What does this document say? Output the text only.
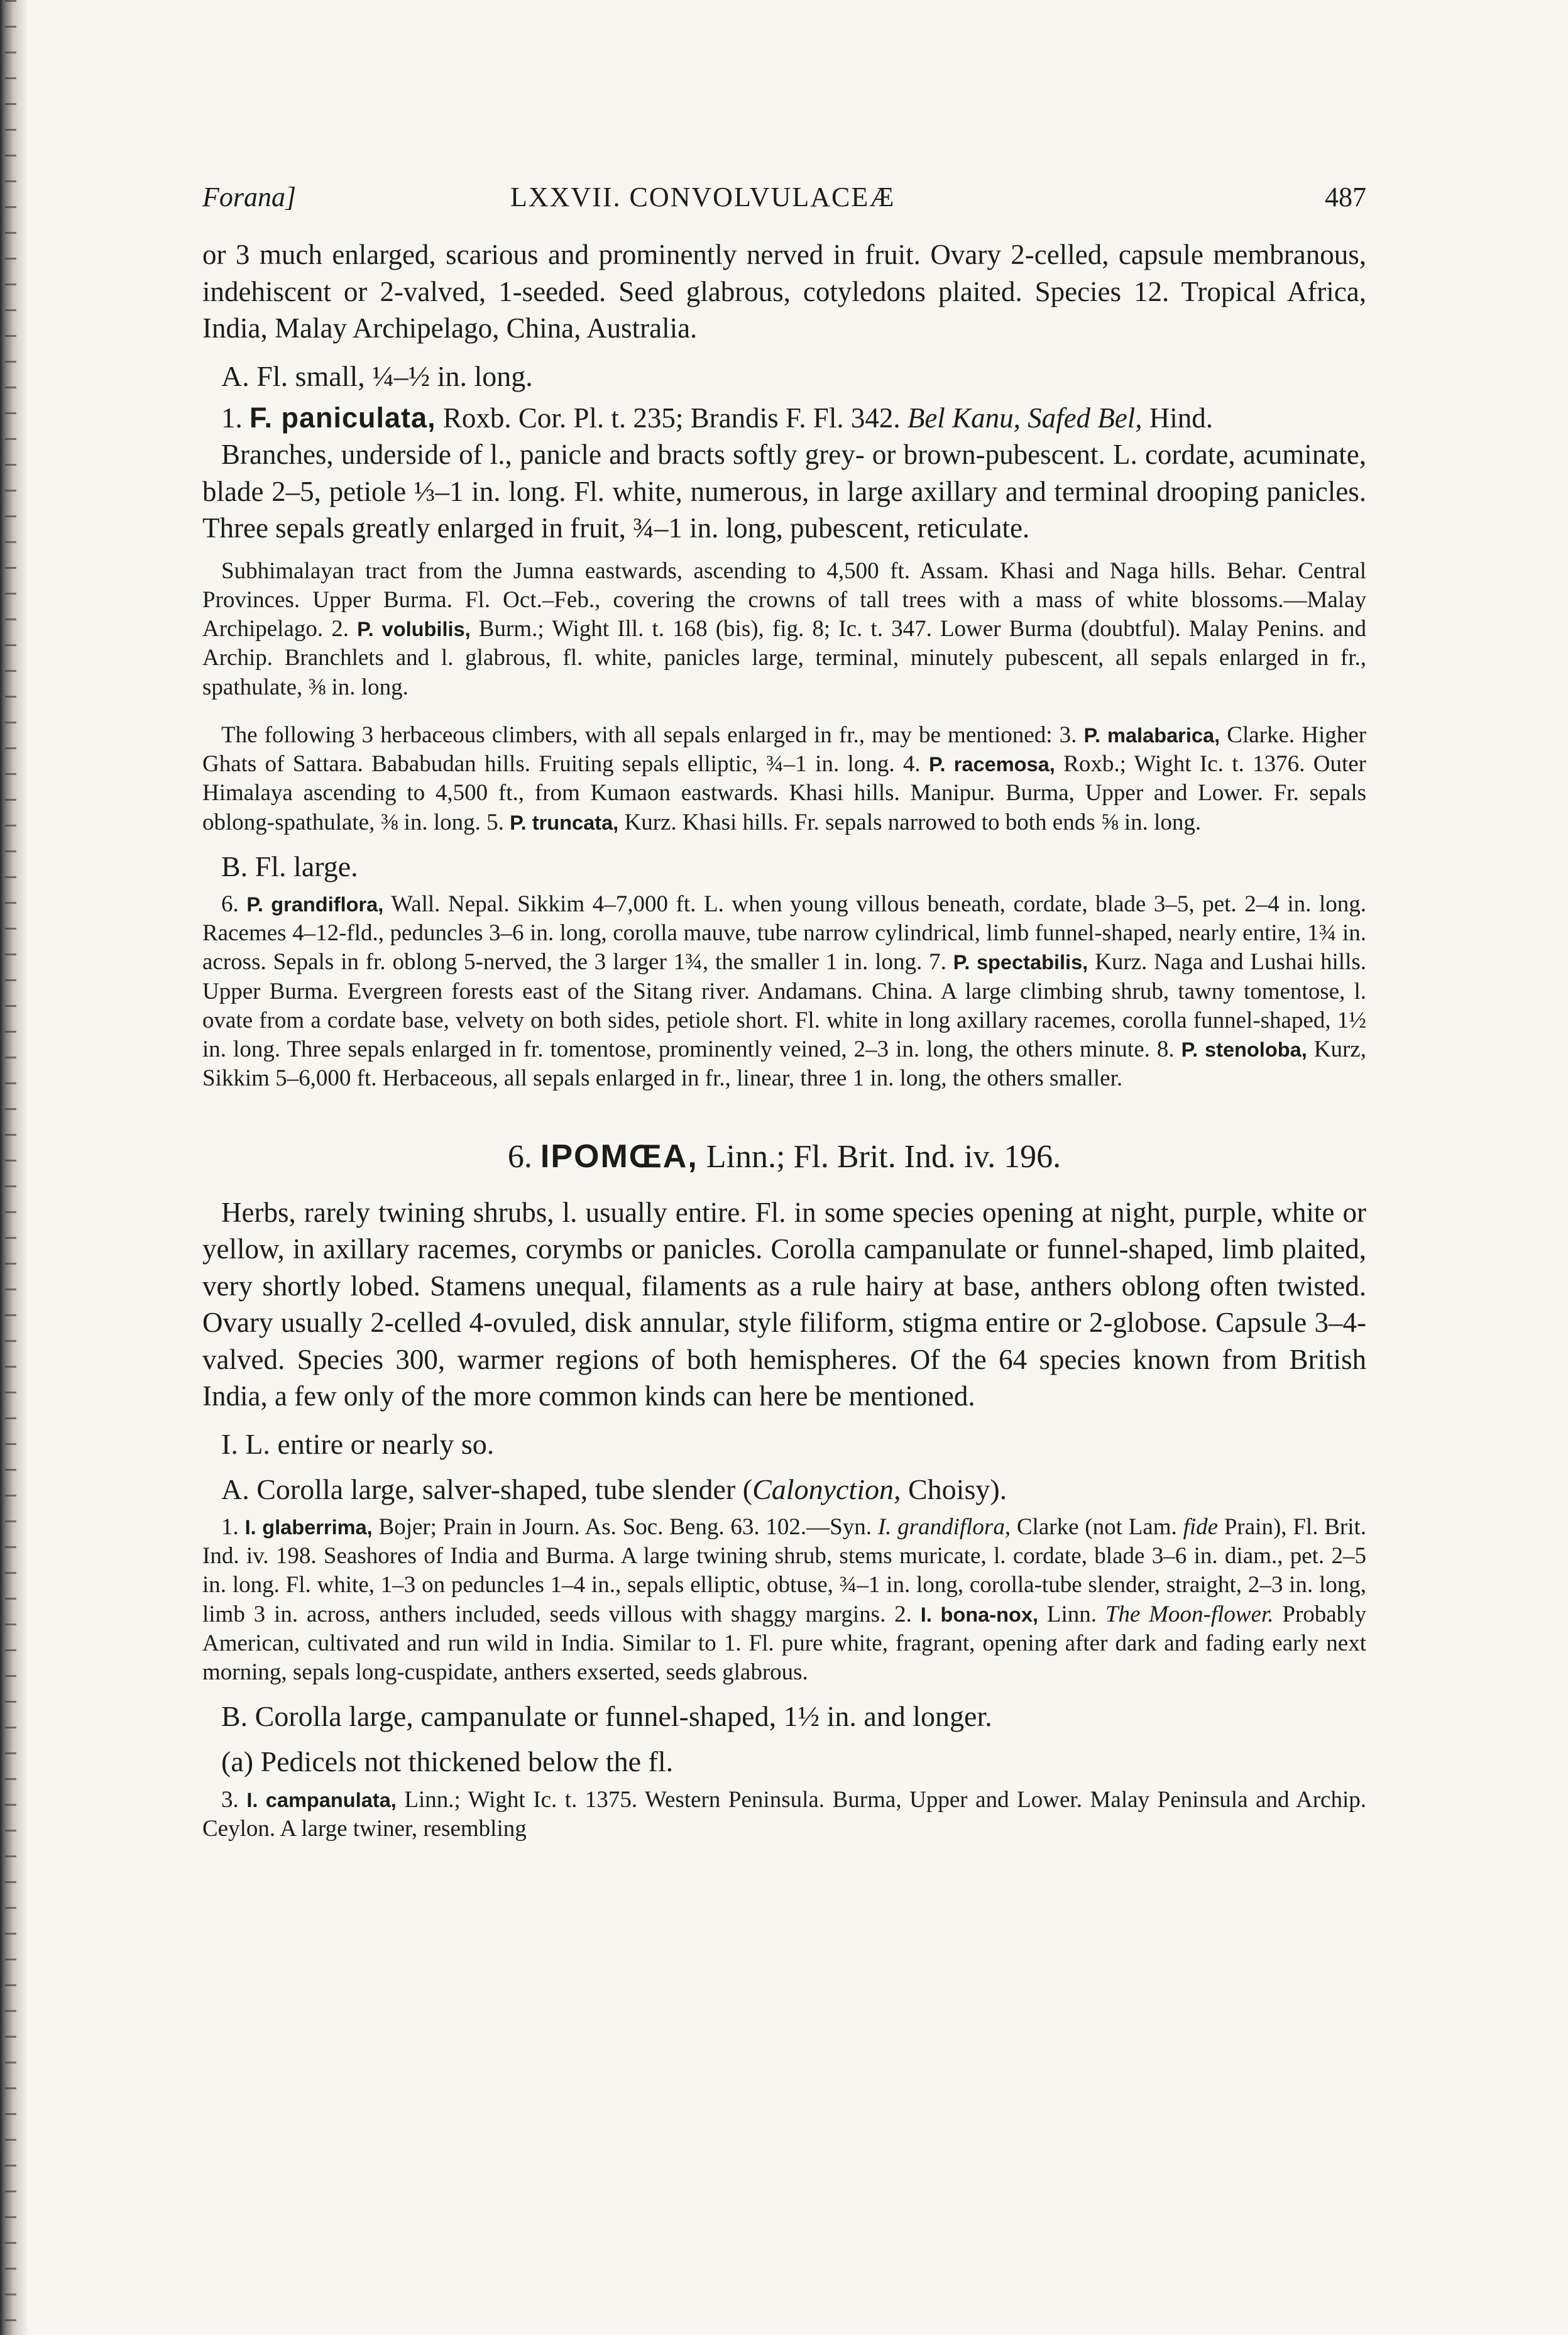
Forana]	LXXVII. CONVOLVULACEÆ	487

or 3 much enlarged, scarious and prominently nerved in fruit. Ovary 2-celled, capsule membranous, indehiscent or 2-valved, 1-seeded. Seed glabrous, cotyledons plaited. Species 12. Tropical Africa, India, Malay Archipelago, China, Australia.

A. Fl. small, ¼–½ in. long.

1. F. paniculata, Roxb. Cor. Pl. t. 235; Brandis F. Fl. 342. Bel Kanu, Safed Bel, Hind.

Branches, underside of l., panicle and bracts softly grey- or brown-pubescent. L. cordate, acuminate, blade 2–5, petiole ⅓–1 in. long. Fl. white, numerous, in large axillary and terminal drooping panicles. Three sepals greatly enlarged in fruit, ¾–1 in. long, pubescent, reticulate.

Subhimalayan tract from the Jumna eastwards, ascending to 4,500 ft. Assam. Khasi and Naga hills. Behar. Central Provinces. Upper Burma. Fl. Oct.–Feb., covering the crowns of tall trees with a mass of white blossoms.—Malay Archipelago. 2. P. volubilis, Burm.; Wight Ill. t. 168 (bis), fig. 8; Ic. t. 347. Lower Burma (doubtful). Malay Penins. and Archip. Branchlets and l. glabrous, fl. white, panicles large, terminal, minutely pubescent, all sepals enlarged in fr., spathulate, ⅜ in. long.

The following 3 herbaceous climbers, with all sepals enlarged in fr., may be mentioned: 3. P. malabarica, Clarke. Higher Ghats of Sattara. Bababudan hills. Fruiting sepals elliptic, ¾–1 in. long. 4. P. racemosa, Roxb.; Wight Ic. t. 1376. Outer Himalaya ascending to 4,500 ft., from Kumaon eastwards. Khasi hills. Manipur. Burma, Upper and Lower. Fr. sepals oblong-spathulate, ⅜ in. long. 5. P. truncata, Kurz. Khasi hills. Fr. sepals narrowed to both ends ⅝ in. long.

B. Fl. large.

6. P. grandiflora, Wall. Nepal. Sikkim 4–7,000 ft. L. when young villous beneath, cordate, blade 3–5, pet. 2–4 in. long. Racemes 4–12-fld., peduncles 3–6 in. long, corolla mauve, tube narrow cylindrical, limb funnel-shaped, nearly entire, 1¾ in. across. Sepals in fr. oblong 5-nerved, the 3 larger 1¾, the smaller 1 in. long. 7. P. spectabilis, Kurz. Naga and Lushai hills. Upper Burma. Evergreen forests east of the Sitang river. Andamans. China. A large climbing shrub, tawny tomentose, l. ovate from a cordate base, velvety on both sides, petiole short. Fl. white in long axillary racemes, corolla funnel-shaped, 1½ in. long. Three sepals enlarged in fr. tomentose, prominently veined, 2–3 in. long, the others minute. 8. P. stenoloba, Kurz, Sikkim 5–6,000 ft. Herbaceous, all sepals enlarged in fr., linear, three 1 in. long, the others smaller.

6. IPOMŒA, Linn.; Fl. Brit. Ind. iv. 196.

Herbs, rarely twining shrubs, l. usually entire. Fl. in some species opening at night, purple, white or yellow, in axillary racemes, corymbs or panicles. Corolla campanulate or funnel-shaped, limb plaited, very shortly lobed. Stamens unequal, filaments as a rule hairy at base, anthers oblong often twisted. Ovary usually 2-celled 4-ovuled, disk annular, style filiform, stigma entire or 2-globose. Capsule 3–4-valved. Species 300, warmer regions of both hemispheres. Of the 64 species known from British India, a few only of the more common kinds can here be mentioned.

I. L. entire or nearly so.

A. Corolla large, salver-shaped, tube slender (Calonyction, Choisy).

1. I. glaberrima, Bojer; Prain in Journ. As. Soc. Beng. 63. 102.—Syn. I. grandiflora, Clarke (not Lam. fide Prain), Fl. Brit. Ind. iv. 198. Seashores of India and Burma. A large twining shrub, stems muricate, l. cordate, blade 3–6 in. diam., pet. 2–5 in. long. Fl. white, 1–3 on peduncles 1–4 in., sepals elliptic, obtuse, ¾–1 in. long, corolla-tube slender, straight, 2–3 in. long, limb 3 in. across, anthers included, seeds villous with shaggy margins. 2. I. bona-nox, Linn. The Moon-flower. Probably American, cultivated and run wild in India. Similar to 1. Fl. pure white, fragrant, opening after dark and fading early next morning, sepals long-cuspidate, anthers exserted, seeds glabrous.

B. Corolla large, campanulate or funnel-shaped, 1½ in. and longer.

(a) Pedicels not thickened below the fl.

3. I. campanulata, Linn.; Wight Ic. t. 1375. Western Peninsula. Burma, Upper and Lower. Malay Peninsula and Archip. Ceylon. A large twiner, resembling
